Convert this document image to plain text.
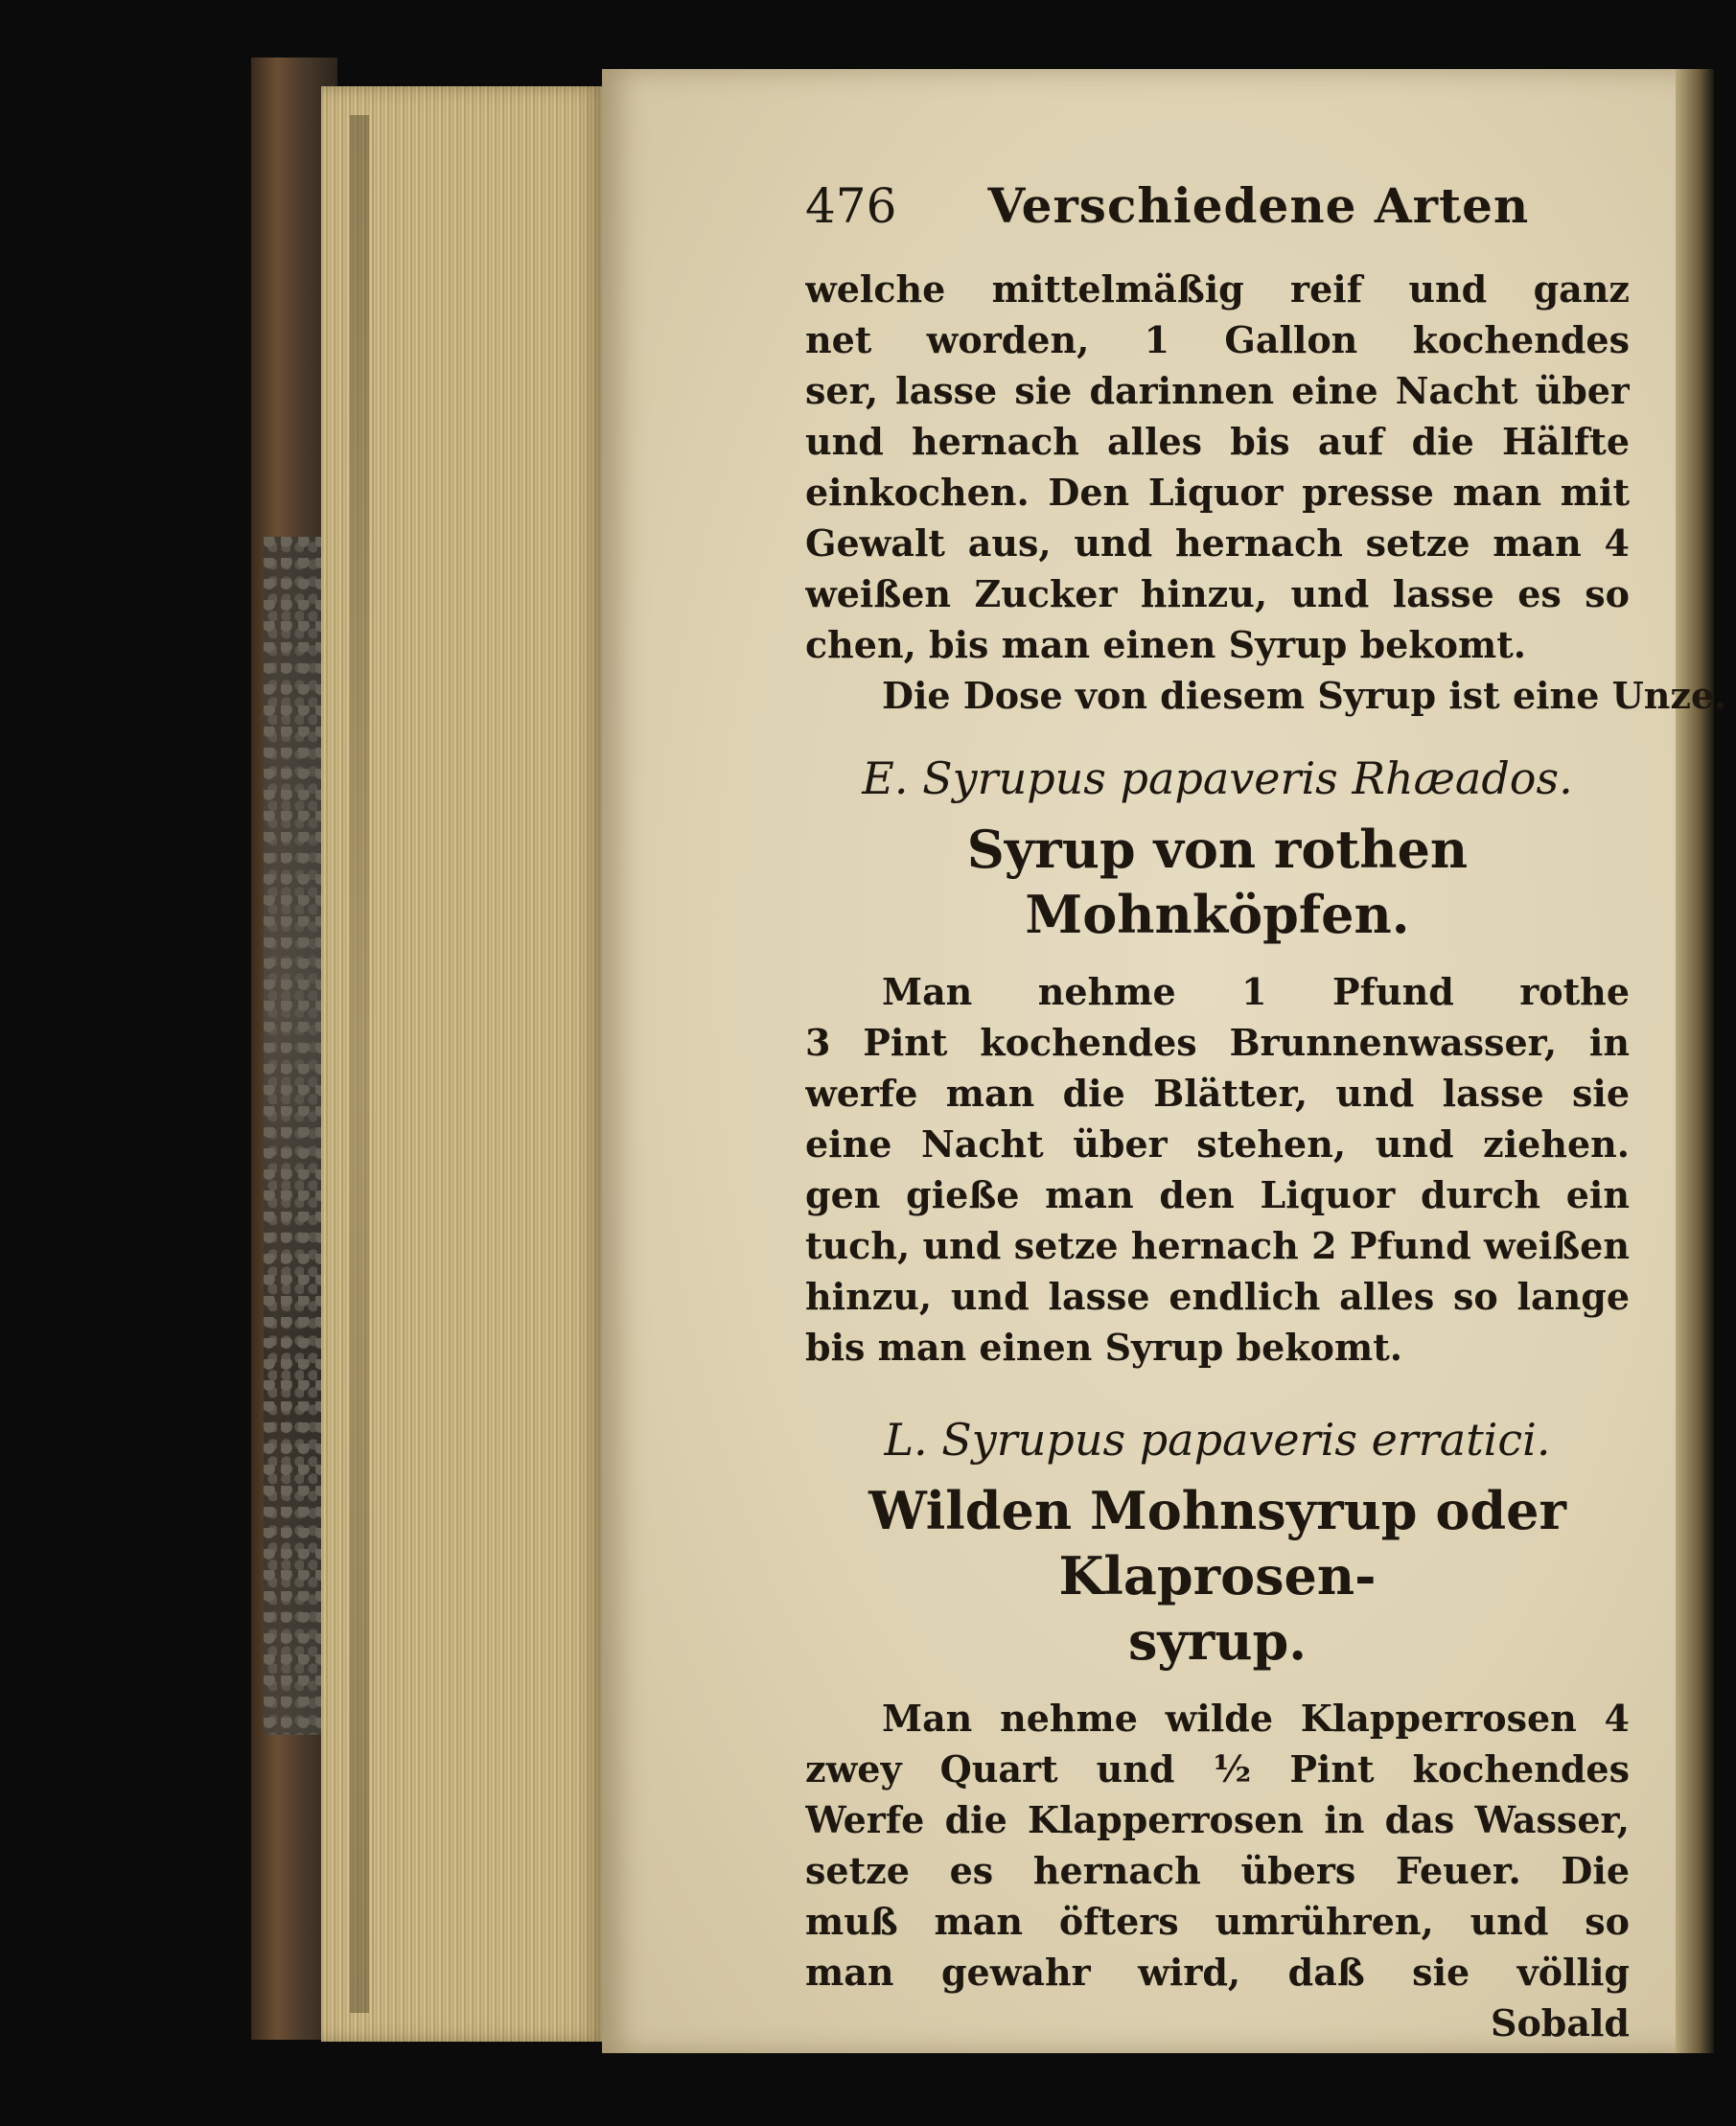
476 Verschiedene Arten
welche mittelmäßig reif und ganz
net worden, 1 Gallon kochendes
ser, lasse sie darinnen eine Nacht über
und hernach alles bis auf die Hälfte
einkochen. Den Liquor presse man mit
Gewalt aus, und hernach setze man 4
weißen Zucker hinzu, und lasse es so
chen, bis man einen Syrup bekomt.
Die Dose von diesem Syrup ist eine Unze.

E. Syrupus papaveris Rhæados.

Syrup von rothen Mohnköpfen.

Man nehme 1 Pfund rothe
3 Pint kochendes Brunnenwasser, in
werfe man die Blätter, und lasse sie
eine Nacht über stehen, und ziehen.
gen gieße man den Liquor durch ein
tuch, und setze hernach 2 Pfund weißen
hinzu, und lasse endlich alles so lange
bis man einen Syrup bekomt.

L. Syrupus papaveris erratici.

Wilden Mohnsyrup oder Klaprosen-

syrup.

Man nehme wilde Klapperrosen 4
zwey Quart und ½ Pint kochendes
Werfe die Klapperrosen in das Wasser,
setze es hernach übers Feuer. Die
muß man öfters umrühren, und so
man gewahr wird, daß sie völlig
Sobald
